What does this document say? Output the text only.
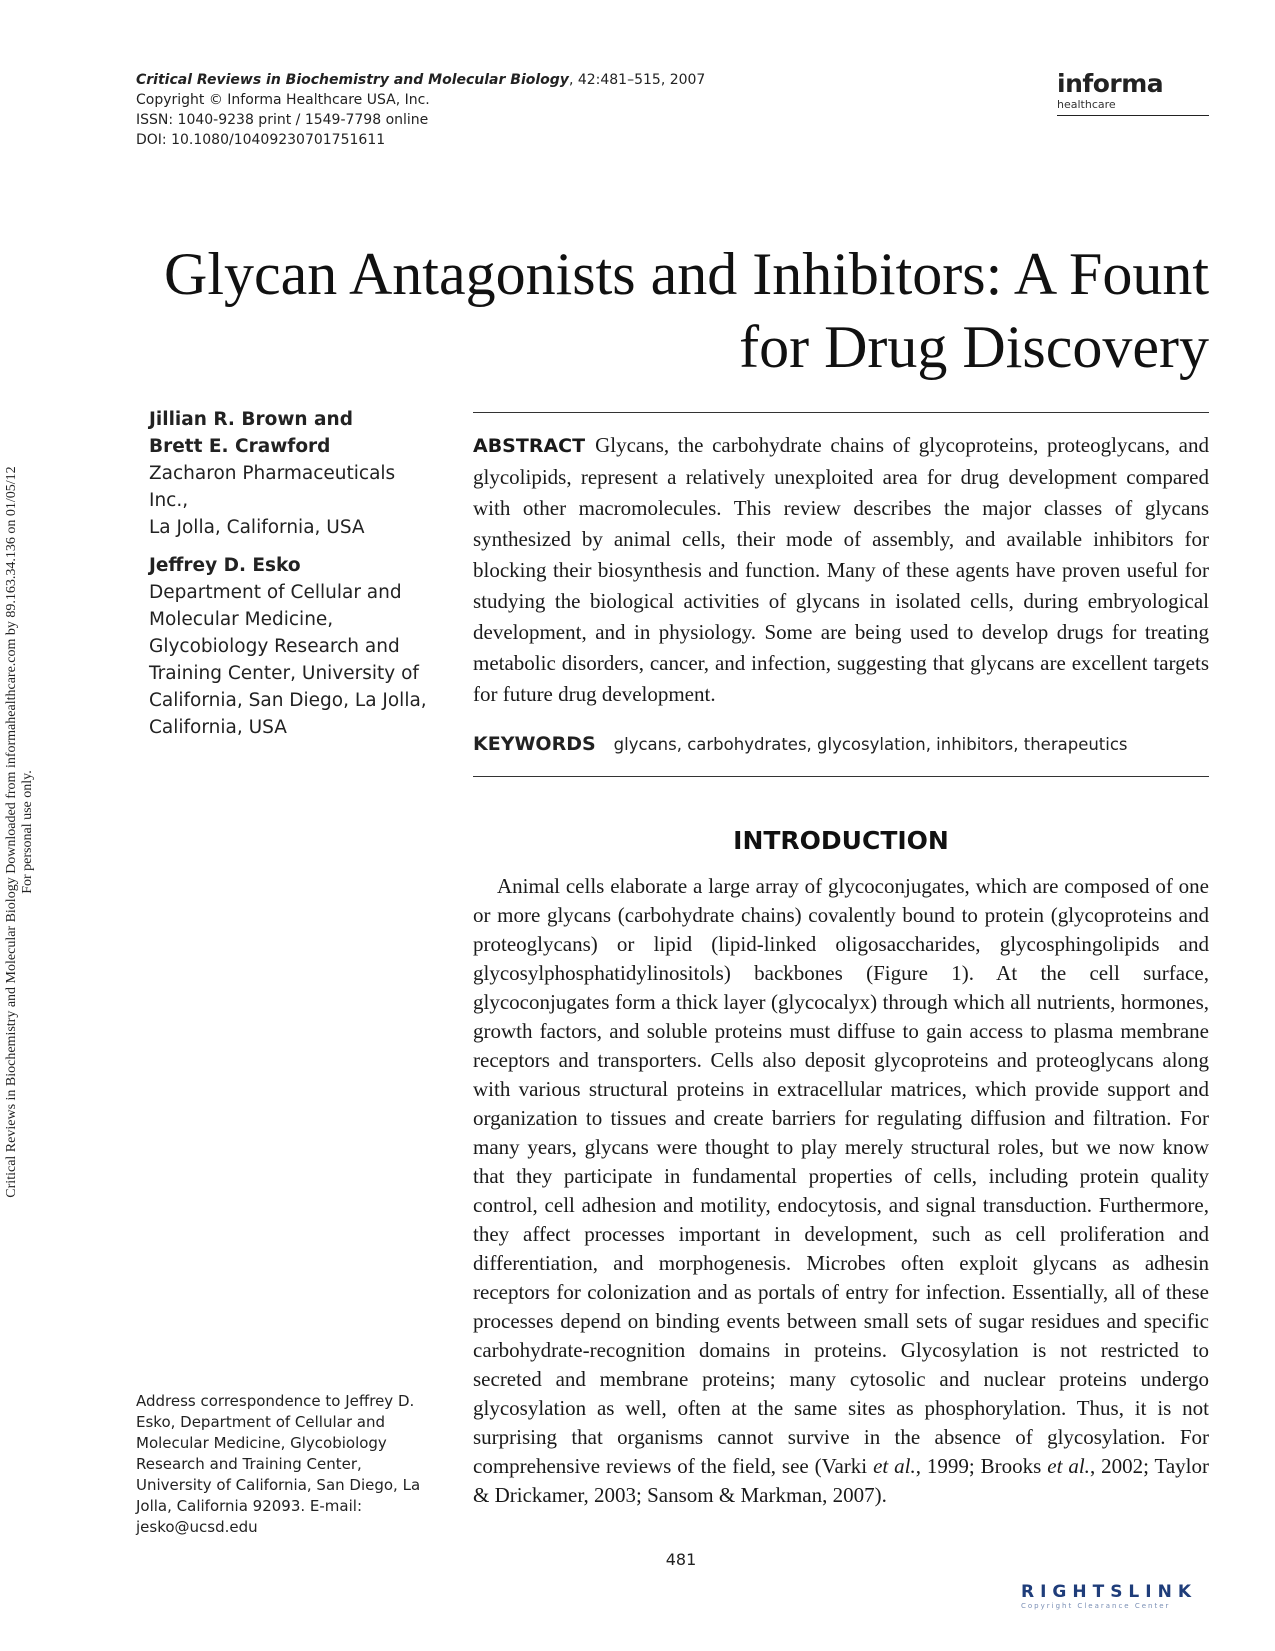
Critical Reviews in Biochemistry and Molecular Biology, 42:481–515, 2007
Copyright © Informa Healthcare USA, Inc.
ISSN: 1040-9238 print / 1549-7798 online
DOI: 10.1080/10409230701751611
informa
healthcare
Critical Reviews in Biochemistry and Molecular Biology Downloaded from informahealthcare.com by 89.163.34.136 on 01/05/12 For personal use only.
Glycan Antagonists and Inhibitors: A Fount
for Drug Discovery
Jillian R. Brown and
Brett E. Crawford
Zacharon Pharmaceuticals Inc.,
La Jolla, California, USA
Jeffrey D. Esko
Department of Cellular and
Molecular Medicine,
Glycobiology Research and
Training Center, University of
California, San Diego, La Jolla,
California, USA
ABSTRACT Glycans, the carbohydrate chains of glycoproteins, proteoglycans, and glycolipids, represent a relatively unexploited area for drug development compared with other macromolecules. This review describes the major classes of glycans synthesized by animal cells, their mode of assembly, and available inhibitors for blocking their biosynthesis and function. Many of these agents have proven useful for studying the biological activities of glycans in isolated cells, during embryological development, and in physiology. Some are being used to develop drugs for treating metabolic disorders, cancer, and infection, suggesting that glycans are excellent targets for future drug development.
KEYWORDS glycans, carbohydrates, glycosylation, inhibitors, therapeutics
INTRODUCTION

Animal cells elaborate a large array of glycoconjugates, which are composed of one or more glycans (carbohydrate chains) covalently bound to protein (glycoproteins and proteoglycans) or lipid (lipid-linked oligosaccharides, glycosphingolipids and glycosylphosphatidylinositols) backbones (Figure 1). At the cell surface, glycoconjugates form a thick layer (glycocalyx) through which all nutrients, hormones, growth factors, and soluble proteins must diffuse to gain access to plasma membrane receptors and transporters. Cells also deposit glycoproteins and proteoglycans along with various structural proteins in extracellular matrices, which provide support and organization to tissues and create barriers for regulating diffusion and filtration. For many years, glycans were thought to play merely structural roles, but we now know that they participate in fundamental properties of cells, including protein quality control, cell adhesion and motility, endocytosis, and signal transduction. Furthermore, they affect processes important in development, such as cell proliferation and differentiation, and morphogenesis. Microbes often exploit glycans as adhesin receptors for colonization and as portals of entry for infection. Essentially, all of these processes depend on binding events between small sets of sugar residues and specific carbohydrate-recognition domains in proteins. Glycosylation is not restricted to secreted and membrane proteins; many cytosolic and nuclear proteins undergo glycosylation as well, often at the same sites as phosphorylation. Thus, it is not surprising that organisms cannot survive in the absence of glycosylation. For comprehensive reviews of the field, see (Varki et al., 1999; Brooks et al., 2002; Taylor & Drickamer, 2003; Sansom & Markman, 2007).

Address correspondence to Jeffrey D. Esko, Department of Cellular and Molecular Medicine, Glycobiology Research and Training Center, University of California, San Diego, La Jolla, California 92093. E-mail: jesko@ucsd.edu
481
RIGHTSLINK
Copyright Clearance Center
